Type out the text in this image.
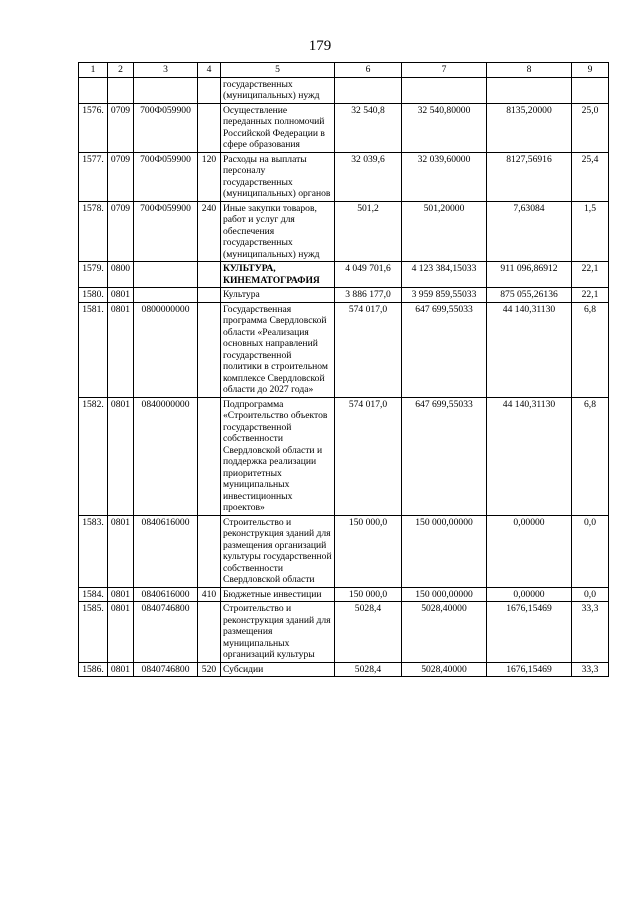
179
1	2	3	4	5	6	7	8	9
				государственных (муниципальных) нужд				
1576.	0709	700Ф059900		Осуществление переданных полномочий Российской Федерации в сфере образования	32 540,8	32 540,80000	8135,20000	25,0
1577.	0709	700Ф059900	120	Расходы на выплаты персоналу государственных (муниципальных) органов	32 039,6	32 039,60000	8127,56916	25,4
1578.	0709	700Ф059900	240	Иные закупки товаров, работ и услуг для обеспечения государственных (муниципальных) нужд	501,2	501,20000	7,63084	1,5
1579.	0800			КУЛЬТУРА, КИНЕМАТОГРАФИЯ	4 049 701,6	4 123 384,15033	911 096,86912	22,1
1580.	0801			Культура	3 886 177,0	3 959 859,55033	875 055,26136	22,1
1581.	0801	0800000000		Государственная программа Свердловской области «Реализация основных направлений государственной политики в строительном комплексе Свердловской области до 2027 года»	574 017,0	647 699,55033	44 140,31130	6,8
1582.	0801	0840000000		Подпрограмма «Строительство объектов государственной собственности Свердловской области и поддержка реализации приоритетных муниципальных инвестиционных проектов»	574 017,0	647 699,55033	44 140,31130	6,8
1583.	0801	0840616000		Строительство и реконструкция зданий для размещения организаций культуры государственной собственности Свердловской области	150 000,0	150 000,00000	0,00000	0,0
1584.	0801	0840616000	410	Бюджетные инвестиции	150 000,0	150 000,00000	0,00000	0,0
1585.	0801	0840746800		Строительство и реконструкция зданий для размещения муниципальных организаций культуры	5028,4	5028,40000	1676,15469	33,3
1586.	0801	0840746800	520	Субсидии	5028,4	5028,40000	1676,15469	33,3
